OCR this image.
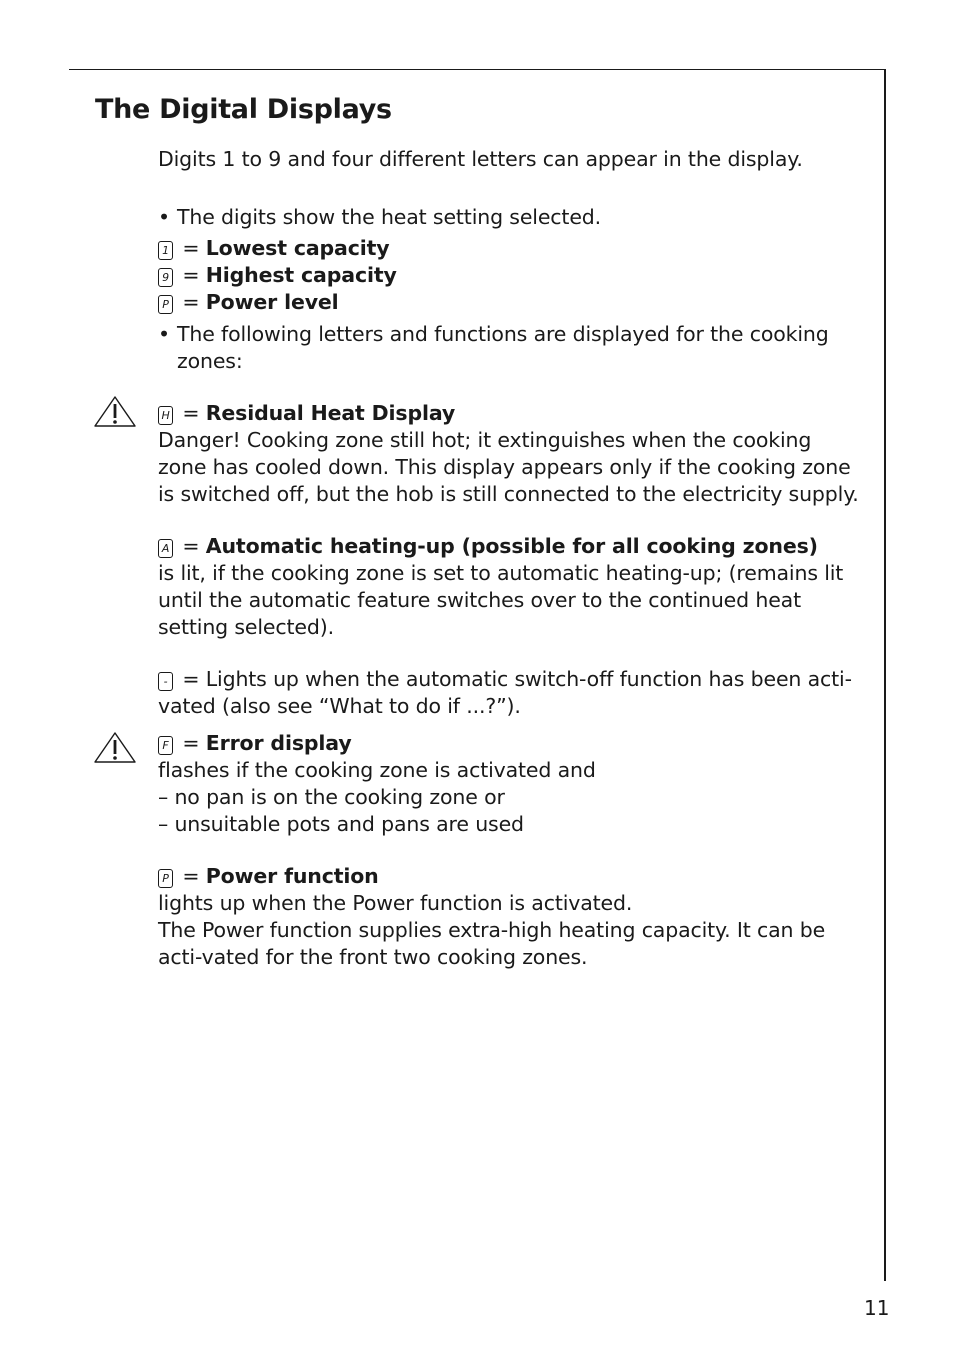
The Digital Displays

Digits 1 to 9 and four different letters can appear in the display.

• The digits show the heat setting selected.

1 = Lowest capacity

9 = Highest capacity

P = Power level

• The following letters and functions are displayed for the cooking zones:

H = Residual Heat Display

Danger! Cooking zone still hot; it extinguishes when the cooking zone has cooled down. This display appears only if the cooking zone is switched off, but the hob is still connected to the electricity supply.

A = Automatic heating-up (possible for all cooking zones)

is lit, if the cooking zone is set to automatic heating-up; (remains lit until the automatic feature switches over to the continued heat setting selected).

- = Lights up when the automatic switch-off function has been acti-vated (also see “What to do if ...?”).

F = Error display

flashes if the cooking zone is activated and

– no pan is on the cooking zone or

– unsuitable pots and pans are used

P = Power function

lights up when the Power function is activated.

The Power function supplies extra-high heating capacity. It can be acti-vated for the front two cooking zones.

11
